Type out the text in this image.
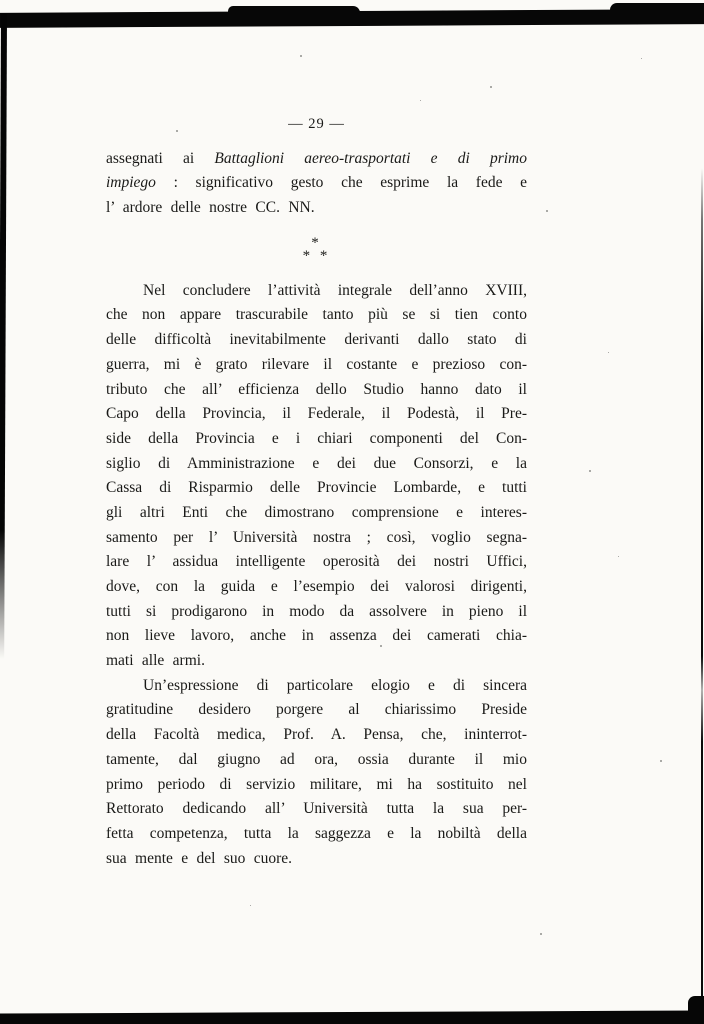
— 29 —
assegnati ai Battaglioni aereo-trasportati e di primo
impiego : significativo gesto che esprime la fede e
l’ ardore delle nostre CC. NN.
*
* *
Nel concludere l’attività integrale dell’anno XVIII,
che non appare trascurabile tanto più se si tien conto
delle difficoltà inevitabilmente derivanti dallo stato di
guerra, mi è grato rilevare il costante e prezioso con-
tributo che all’ efficienza dello Studio hanno dato il
Capo della Provincia, il Federale, il Podestà, il Pre-
side della Provincia e i chiari componenti del Con-
siglio di Amministrazione e dei due Consorzi, e la
Cassa di Risparmio delle Provincie Lombarde, e tutti
gli altri Enti che dimostrano comprensione e interes-
samento per l’ Università nostra ; così, voglio segna-
lare l’ assidua intelligente operosità dei nostri Uffici,
dove, con la guida e l’esempio dei valorosi dirigenti,
tutti si prodigarono in modo da assolvere in pieno il
non lieve lavoro, anche in assenza dei camerati chia-
mati alle armi.
Un’espressione di particolare elogio e di sincera
gratitudine desidero porgere al chiarissimo Preside
della Facoltà medica, Prof. A. Pensa, che, ininterrot-
tamente, dal giugno ad ora, ossia durante il mio
primo periodo di servizio militare, mi ha sostituito nel
Rettorato dedicando all’ Università tutta la sua per-
fetta competenza, tutta la saggezza e la nobiltà della
sua mente e del suo cuore.
